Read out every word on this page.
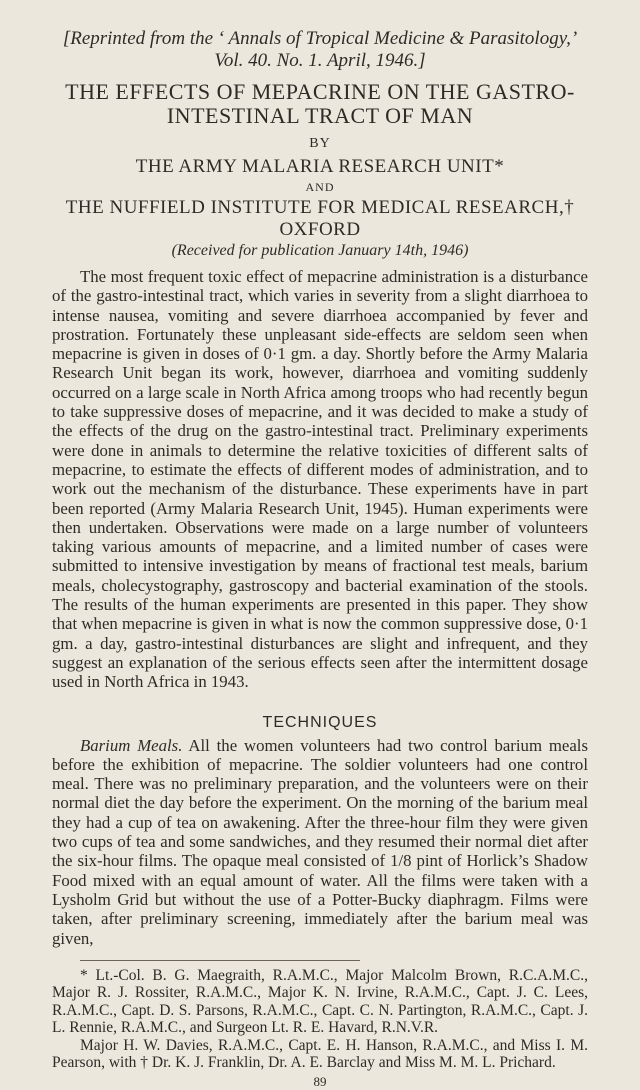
[Reprinted from the ‘ Annals of Tropical Medicine & Parasitology,’
Vol. 40. No. 1. April, 1946.]
THE EFFECTS OF MEPACRINE ON THE GASTRO-
INTESTINAL TRACT OF MAN
BY
THE ARMY MALARIA RESEARCH UNIT*
AND
THE NUFFIELD INSTITUTE FOR MEDICAL RESEARCH,† OXFORD
(Received for publication January 14th, 1946)

The most frequent toxic effect of mepacrine administration is a disturbance of the gastro-intestinal tract, which varies in severity from a slight diarrhoea to intense nausea, vomiting and severe diarrhoea accompanied by fever and prostration. Fortunately these unpleasant side-effects are seldom seen when mepacrine is given in doses of 0·1 gm. a day. Shortly before the Army Malaria Research Unit began its work, however, diarrhoea and vomiting suddenly occurred on a large scale in North Africa among troops who had recently begun to take suppressive doses of mepacrine, and it was decided to make a study of the effects of the drug on the gastro-intestinal tract. Preliminary experiments were done in animals to determine the relative toxicities of different salts of mepacrine, to estimate the effects of different modes of administration, and to work out the mechanism of the disturbance. These experiments have in part been reported (Army Malaria Research Unit, 1945). Human experiments were then undertaken. Observations were made on a large number of volunteers taking various amounts of mepacrine, and a limited number of cases were submitted to intensive investigation by means of fractional test meals, barium meals, cholecystography, gastroscopy and bacterial examination of the stools. The results of the human experiments are presented in this paper. They show that when mepacrine is given in what is now the common suppressive dose, 0·1 gm. a day, gastro-intestinal disturbances are slight and infrequent, and they suggest an explanation of the serious effects seen after the intermittent dosage used in North Africa in 1943.

TECHNIQUES

Barium Meals. All the women volunteers had two control barium meals before the exhibition of mepacrine. The soldier volunteers had one control meal. There was no preliminary preparation, and the volunteers were on their normal diet the day before the experiment. On the morning of the barium meal they had a cup of tea on awakening. After the three-hour film they were given two cups of tea and some sandwiches, and they resumed their normal diet after the six-hour films. The opaque meal consisted of 1/8 pint of Horlick’s Shadow Food mixed with an equal amount of water. All the films were taken with a Lysholm Grid but without the use of a Potter-Bucky diaphragm. Films were taken, after preliminary screening, immediately after the barium meal was given,

* Lt.-Col. B. G. Maegraith, R.A.M.C., Major Malcolm Brown, R.C.A.M.C., Major R. J. Rossiter, R.A.M.C., Major K. N. Irvine, R.A.M.C., Capt. J. C. Lees, R.A.M.C., Capt. D. S. Parsons, R.A.M.C., Capt. C. N. Partington, R.A.M.C., Capt. J. L. Rennie, R.A.M.C., and Surgeon Lt. R. E. Havard, R.N.V.R.

Major H. W. Davies, R.A.M.C., Capt. E. H. Hanson, R.A.M.C., and Miss I. M. Pearson, with † Dr. K. J. Franklin, Dr. A. E. Barclay and Miss M. M. L. Prichard.

89
